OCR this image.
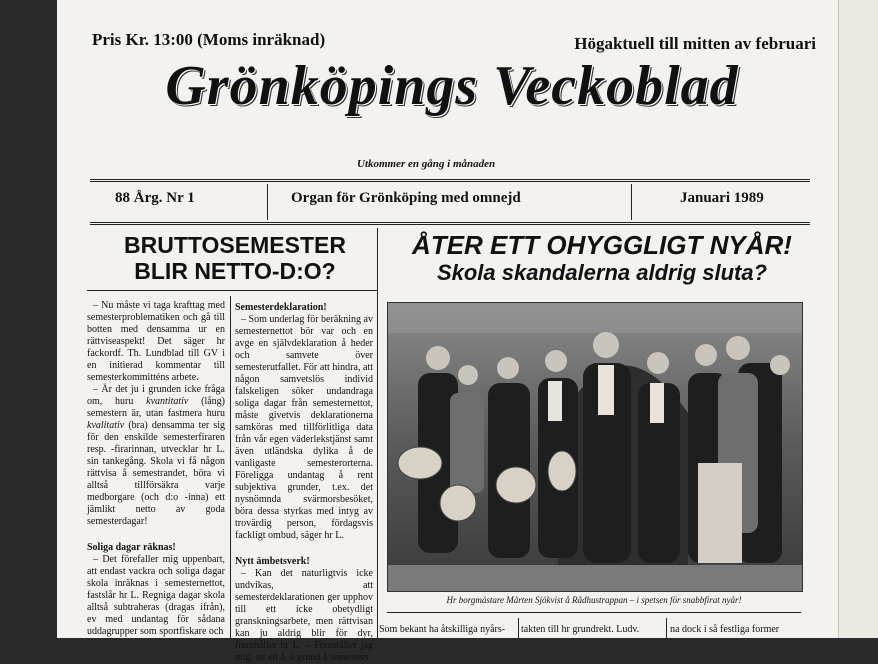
Pris Kr. 13:00 (Moms inräknad)	Högaktuell till mitten av februari
Grönköpings Veckoblad
Utkommer en gång i månaden
88 Årg. Nr 1	Organ för Grönköping med omnejd	Januari 1989
BRUTTOSEMESTER
BLIR NETTO-D:O?

– Nu måste vi taga krafttag med semesterproblematiken och gå till botten med densamma ur en rättviseaspekt! Det säger hr fackordf. Th. Lundblad till GV i en initierad kommentar till semesterkommitténs arbete.

– Är det ju i grunden icke fråga om, huru kvantitativ (lång) semestern är, utan fastmera huru kvalitativ (bra) densamma ter sig för den enskilde semesterfiraren resp. -firarinnan, utvecklar hr L. sin tankegång. Skola vi få någon rättvisa å semestrandet, böra vi alltså tillförsäkra varje medborgare (och d:o -inna) ett jämlikt netto av goda semesterdagar!

Soliga dagar räknas!

– Det förefaller mig uppenbart, att endast vackra och soliga dagar skola inräknas i semesternettot, fastslår hr L. Regniga dagar skola alltså subtraheras (dragas ifrån), ev med undantag för sådana uddagrupper som sportfiskare och

Semesterdeklaration!

– Som underlag för beräkning av semesternettot bör var och en avge en självdeklaration å heder och samvete över semesterutfallet. För att hindra, att någon samvetslös individ falskeligen söker undandraga soliga dagar från semesternettot, måste givetvis deklarationerna samköras med tillförlitliga data från vår egen väderlekstjänst samt även utländska dylika å de vanligaste semesterorterna. Föreliggа undantag å rent subjektiva grunder, t.ex. det nysnömnda svärmorsbesöket, böra dessa styrkas med intyg av trovärdig person, fördagsvis fackligt ombud, säger hr L.

Nytt ämbetsverk!

– Kan det naturligtvis icke undvikas, att semesterdeklarationen ger upphov till ett icke obetydligt granskningsarbete, men rättvisan kan ju aldrig blir för dyr, framhåller hr L. – Föreställer jag mig, att ett å, å grund å semesters

ÅTER ETT OHYGGLIGT NYÅR!
Skola skandalerna aldrig sluta?
Hr borgmästare Mårten Sjökvist å Rådhustrappan – i spetsen för snabbfirat nyår!
Som bekant ha åtskilliga nyårs- takten till hr grundrekt. Ludv.	na dock i så festliga former
